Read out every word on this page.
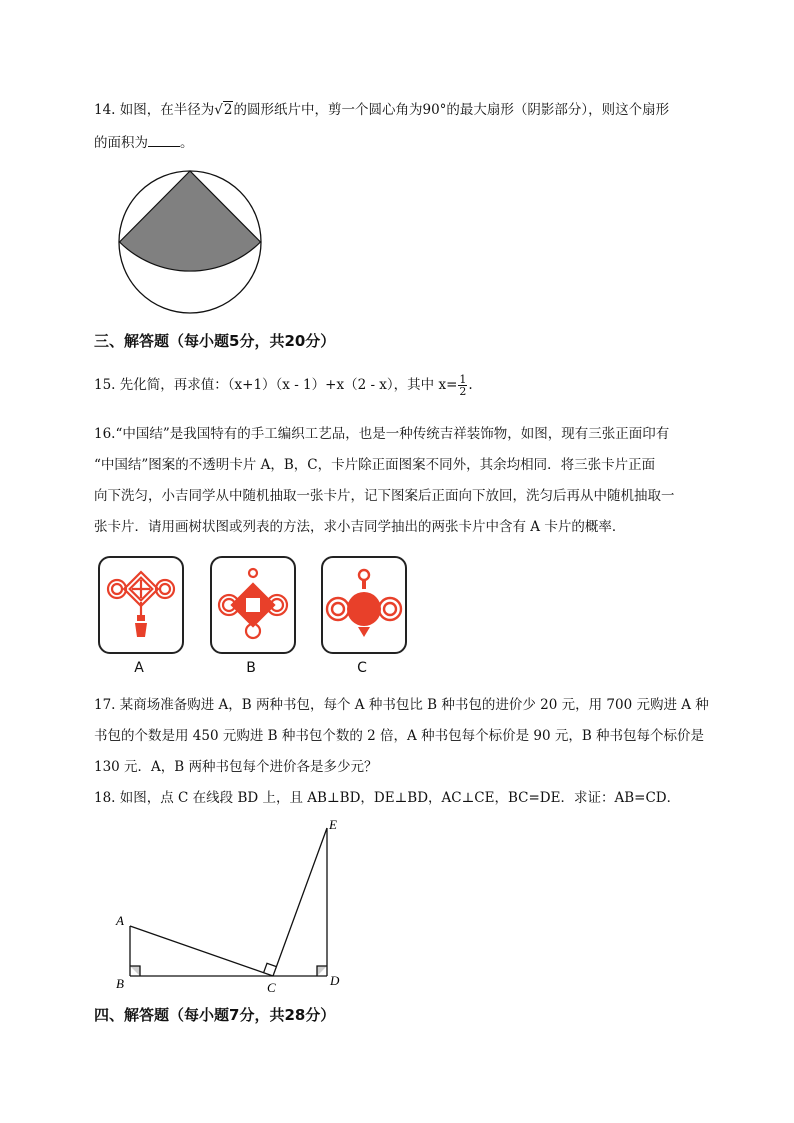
14. 如图，在半径为√2的圆形纸片中，剪一个圆心角为90°的最大扇形（阴影部分），则这个扇形
的面积为 。
三、解答题（每小题5分，共20分）
15. 先化简，再求值：（x+1）（x - 1）+x（2 - x），其中 $x= \frac{1}{2}$ .
16.“中国结”是我国特有的手工编织工艺品，也是一种传统吉祥装饰物，如图，现有三张正面印有
“中国结”图案的不透明卡片 A，B，C，卡片除正面图案不同外，其余均相同．将三张卡片正面
向下洗匀，小吉同学从中随机抽取一张卡片，记下图案后正面向下放回，洗匀后再从中随机抽取一
张卡片．请用画树状图或列表的方法，求小吉同学抽出的两张卡片中含有 A 卡片的概率．
A	B	C
17. 某商场准备购进 A，B 两种书包，每个 A 种书包比 B 种书包的进价少 20 元，用 700 元购进 A 种
书包的个数是用 450 元购进 B 种书包个数的 2 倍，A 种书包每个标价是 90 元，B 种书包每个标价是
130 元．A，B 两种书包每个进价各是多少元？
18. 如图，点 C 在线段 BD 上，且 AB⊥BD，DE⊥BD，AC⊥CE，BC=DE．求证：AB=CD．
A
B	C	D
E
四、解答题（每小题7分，共28分）
